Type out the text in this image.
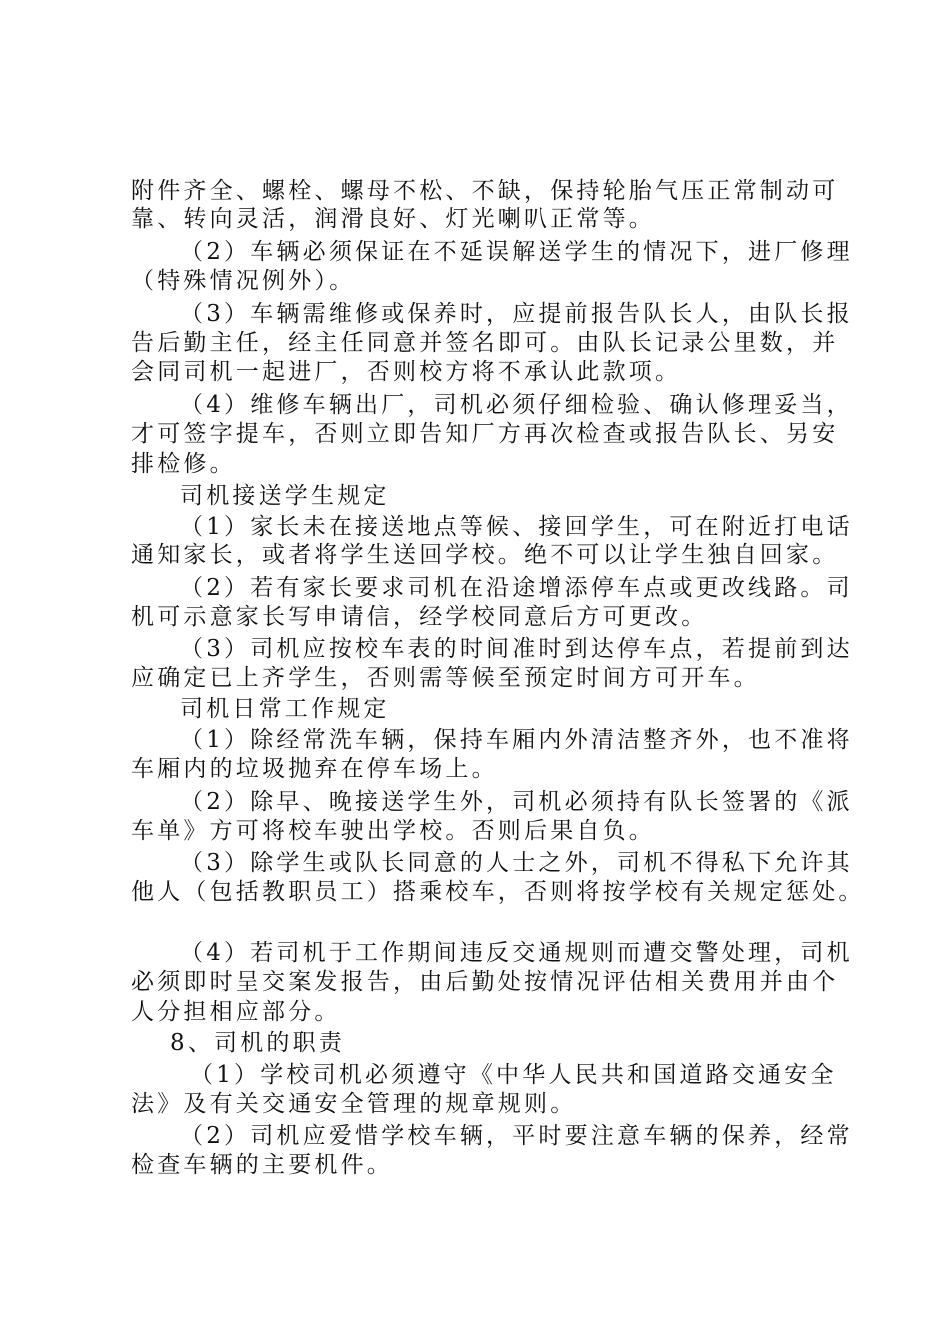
附件齐全、螺栓、螺母不松、不缺，保持轮胎气压正常制动可
靠、转向灵活，润滑良好、灯光喇叭正常等。
（2）车辆必须保证在不延误解送学生的情况下，进厂修理
（特殊情况例外）。
（3）车辆需维修或保养时，应提前报告队长人，由队长报
告后勤主任，经主任同意并签名即可。由队长记录公里数，并
会同司机一起进厂，否则校方将不承认此款项。
（4）维修车辆出厂，司机必须仔细检验、确认修理妥当，
才可签字提车，否则立即告知厂方再次检查或报告队长、另安
排检修。
司机接送学生规定
（1）家长未在接送地点等候、接回学生，可在附近打电话
通知家长，或者将学生送回学校。绝不可以让学生独自回家。
（2）若有家长要求司机在沿途增添停车点或更改线路。司
机可示意家长写申请信，经学校同意后方可更改。
（3）司机应按校车表的时间准时到达停车点，若提前到达
应确定已上齐学生，否则需等候至预定时间方可开车。
司机日常工作规定
（1）除经常洗车辆，保持车厢内外清洁整齐外，也不准将
车厢内的垃圾抛弃在停车场上。
（2）除早、晚接送学生外，司机必须持有队长签署的《派
车单》方可将校车驶出学校。否则后果自负。
（3）除学生或队长同意的人士之外，司机不得私下允许其
他人（包括教职员工）搭乘校车，否则将按学校有关规定惩处。
（4）若司机于工作期间违反交通规则而遭交警处理，司机
必须即时呈交案发报告，由后勤处按情况评估相关费用并由个
人分担相应部分。
8、司机的职责
（1）学校司机必须遵守《中华人民共和国道路交通安全
法》及有关交通安全管理的规章规则。
（2）司机应爱惜学校车辆，平时要注意车辆的保养，经常
检查车辆的主要机件。
